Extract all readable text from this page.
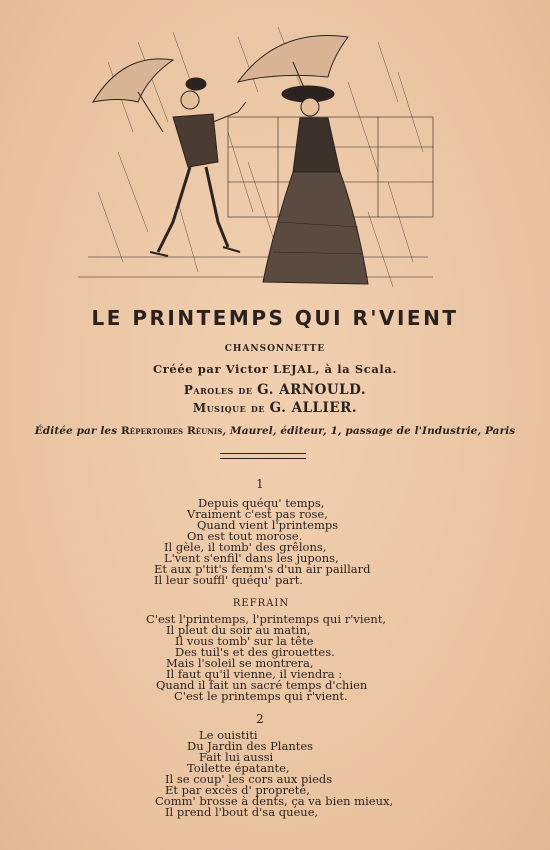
LE PRINTEMPS QUI R'VIENT
CHANSONNETTE
Créée par Victor LEJAL, à la Scala.
Paroles de G. ARNOULD.
Musique de G. ALLIER.
Éditée par les Répertoires Réunis, Maurel, éditeur, 1, passage de l'Industrie, Paris
1
Depuis quéqu' temps,
Vraiment c'est pas rose,
Quand vient l'printemps
On est tout morose.
Il gèle, il tomb' des grêlons,
L'vent s'enfil' dans les jupons,
Et aux p'tit's femm's d'un air paillard
Il leur souffl' quéqu' part.
REFRAIN
C'est l'printemps, l'printemps qui r'vient,
Il pleut du soir au matin,
Il vous tomb' sur la tête
Des tuil's et des girouettes.
Mais l'soleil se montrera,
Il faut qu'il vienne, il viendra :
Quand il fait un sacré temps d'chien
C'est le printemps qui r'vient.
2
Le ouistiti
Du Jardin des Plantes
Fait lui aussi
Toilette épatante,
Il se coup' les cors aux pieds
Et par excès d' propreté,
Comm' brosse à dents, ça va bien mieux,
Il prend l'bout d'sa queue,
